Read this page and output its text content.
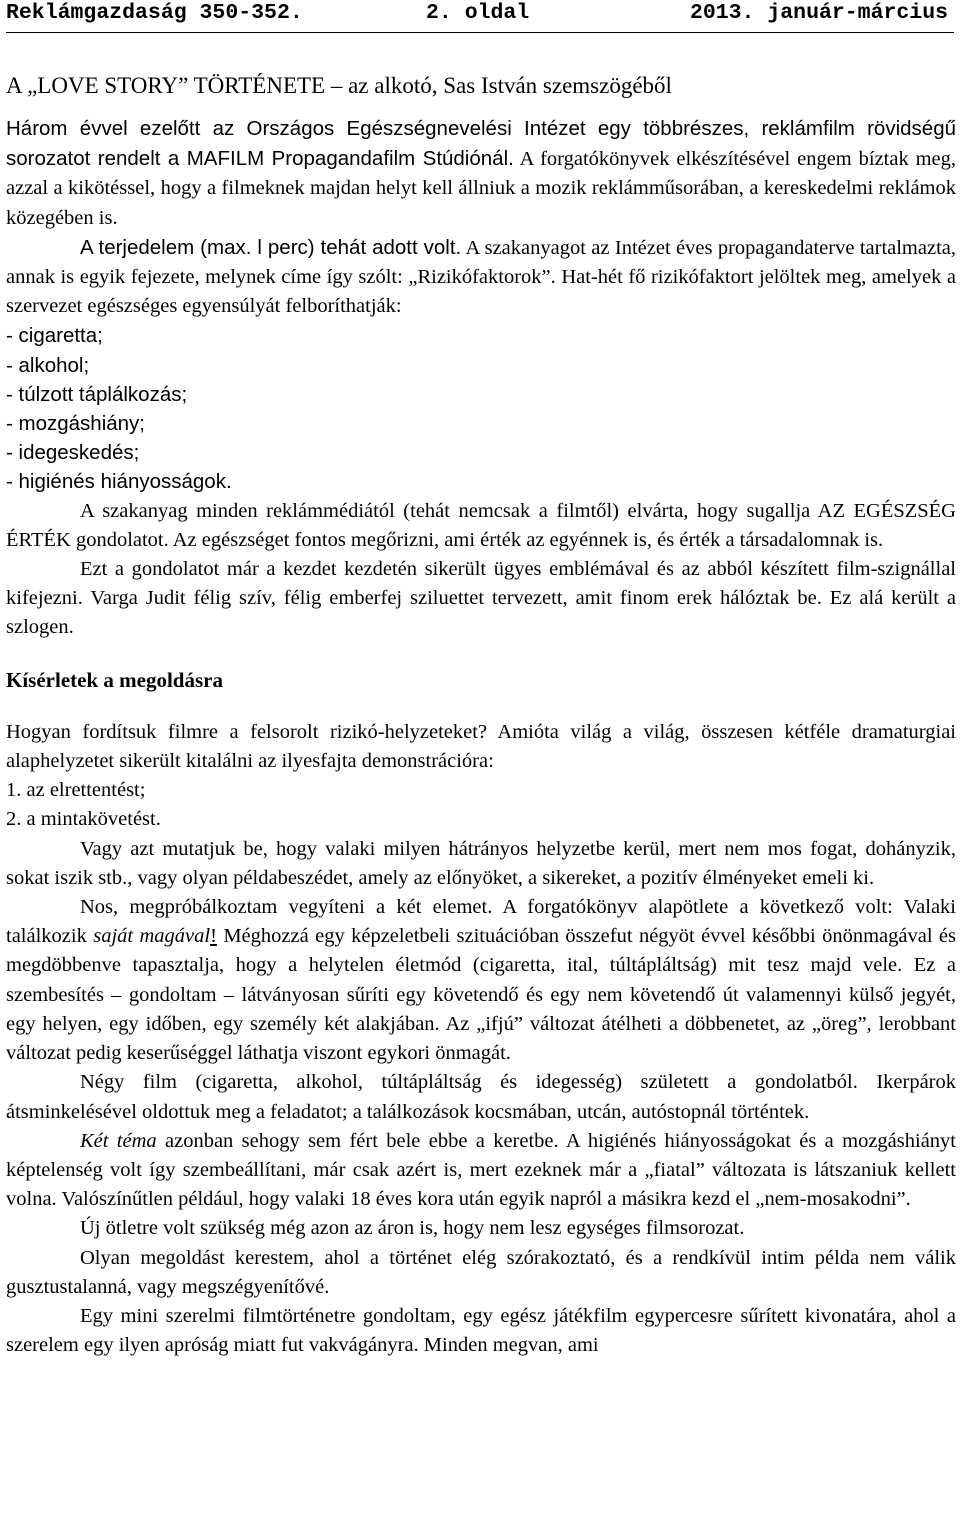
Reklámgazdaság 350-352.

	2. oldal

	2013. január-március

A „LOVE STORY” TÖRTÉNETE – az alkotó, Sas István szemszögéből

Három évvel ezelőtt az Országos Egészségnevelési Intézet egy többrészes, reklámfilm rövidségű sorozatot rendelt a MAFILM Propagandafilm Stúdiónál. A forgatókönyvek elkészítésével engem bíztak meg, azzal a kikötéssel, hogy a filmeknek majdan helyt kell állniuk a mozik reklámműsorában, a kereskedelmi reklámok közegében is.

A terjedelem (max. l perc) tehát adott volt. A szakanyagot az Intézet éves propagandaterve tartalmazta, annak is egyik fejezete, melynek címe így szólt: „Rizikófaktorok”. Hat-hét fő rizikófaktort jelöltek meg, amelyek a szervezet egészséges egyensúlyát felboríthatják:

- cigaretta;

- alkohol;

- túlzott táplálkozás;

- mozgáshiány;

- idegeskedés;

- higiénés hiányosságok.

A szakanyag minden reklámmédiától (tehát nemcsak a filmtől) elvárta, hogy sugallja AZ EGÉSZSÉG ÉRTÉK gondolatot. Az egészséget fontos megőrizni, ami érték az egyénnek is, és érték a társadalomnak is.

Ezt a gondolatot már a kezdet kezdetén sikerült ügyes emblémával és az abból készített film-szignállal kifejezni. Varga Judit félig szív, félig emberfej sziluettet tervezett, amit finom erek hálóztak be. Ez alá került a szlogen.

Kísérletek a megoldásra

Hogyan fordítsuk filmre a felsorolt rizikó-helyzeteket? Amióta világ a világ, összesen kétféle dramaturgiai alaphelyzetet sikerült kitalálni az ilyesfajta demonstrációra:

1. az elrettentést;

2. a mintakövetést.

Vagy azt mutatjuk be, hogy valaki milyen hátrányos helyzetbe kerül, mert nem mos fogat, dohányzik, sokat iszik stb., vagy olyan példabeszédet, amely az előnyöket, a sikereket, a pozitív élményeket emeli ki.

Nos, megpróbálkoztam vegyíteni a két elemet. A forgatókönyv alapötlete a következő volt: Valaki találkozik saját magával! Méghozzá egy képzeletbeli szituációban összefut négyöt évvel későbbi önönmagával és megdöbbenve tapasztalja, hogy a helytelen életmód (cigaretta, ital, túltápláltság) mit tesz majd vele. Ez a szembesítés – gondoltam – látványosan sűríti egy követendő és egy nem követendő út valamennyi külső jegyét, egy helyen, egy időben, egy személy két alakjában. Az „ifjú” változat átélheti a döbbenetet, az „öreg”, lerobbant változat pedig keserűséggel láthatja viszont egykori önmagát.

Négy film (cigaretta, alkohol, túltápláltság és idegesség) született a gondolatból. Ikerpárok átsminkelésével oldottuk meg a feladatot; a találkozások kocsmában, utcán, autóstopnál történtek.

Két téma azonban sehogy sem fért bele ebbe a keretbe. A higiénés hiányosságokat és a mozgáshiányt képtelenség volt így szembeállítani, már csak azért is, mert ezeknek már a „fiatal” változata is látszaniuk kellett volna. Valószínűtlen például, hogy valaki 18 éves kora után egyik napról a másikra kezd el „nem-mosakodni”.

Új ötletre volt szükség még azon az áron is, hogy nem lesz egységes filmsorozat.

Olyan megoldást kerestem, ahol a történet elég szórakoztató, és a rendkívül intim példa nem válik gusztustalanná, vagy megszégyenítővé.

Egy mini szerelmi filmtörténetre gondoltam, egy egész játékfilm egypercesre sűrített kivonatára, ahol a szerelem egy ilyen apróság miatt fut vakvágányra. Minden megvan, ami
